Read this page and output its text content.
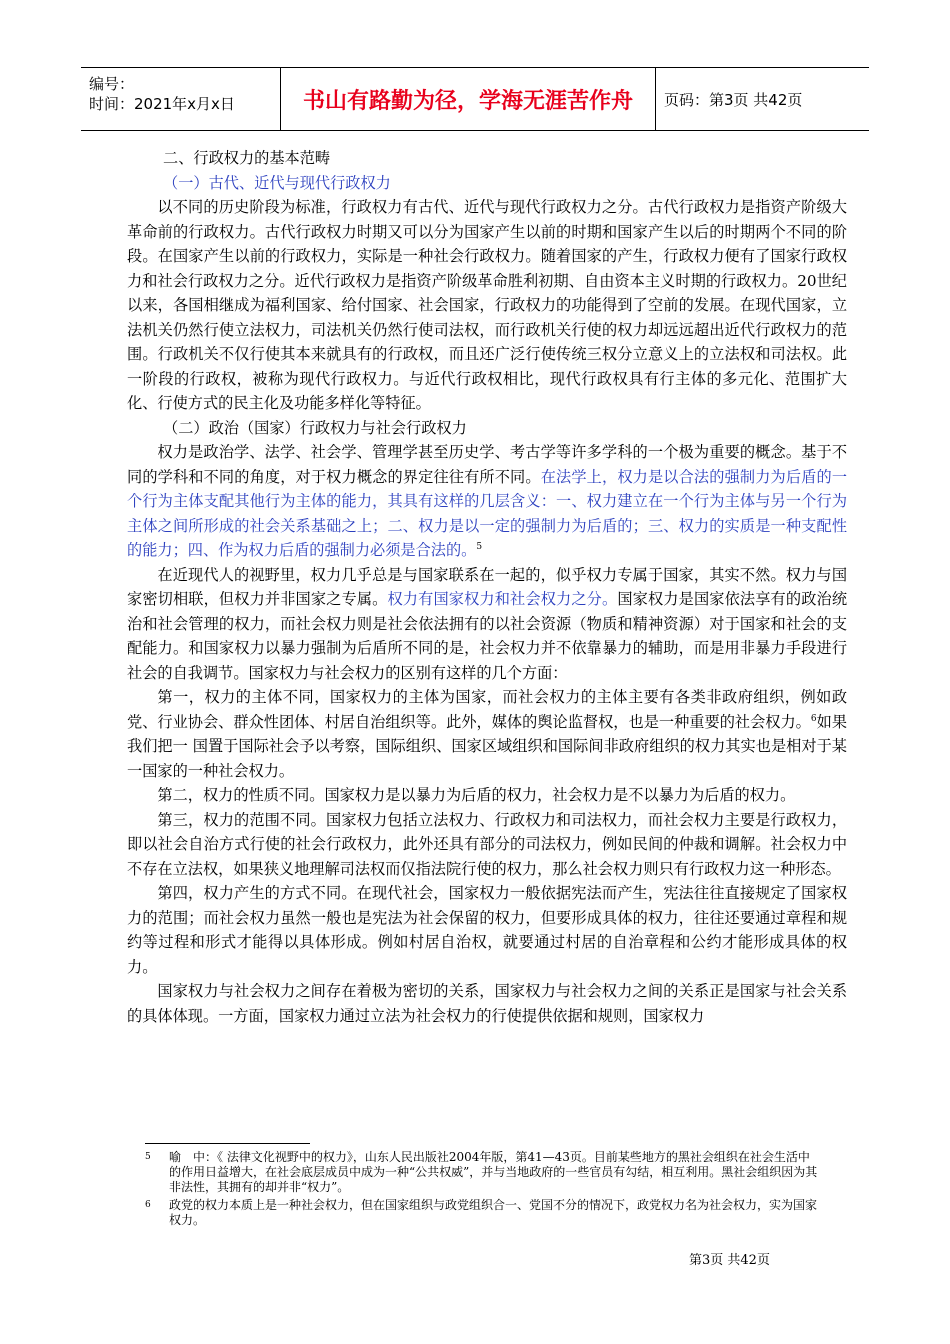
编号：
时间：2021年x月x日	书山有路勤为径，学海无涯苦作舟	页码：第3页 共42页

二、行政权力的基本范畴

（一）古代、近代与现代行政权力

以不同的历史阶段为标准，行政权力有古代、近代与现代行政权力之分。古代行政权力是指资产阶级大革命前的行政权力。古代行政权力时期又可以分为国家产生以前的时期和国家产生以后的时期两个不同的阶段。在国家产生以前的行政权力，实际是一种社会行政权力。随着国家的产生，行政权力便有了国家行政权力和社会行政权力之分。近代行政权力是指资产阶级革命胜利初期、自由资本主义时期的行政权力。20世纪以来，各国相继成为福利国家、给付国家、社会国家，行政权力的功能得到了空前的发展。在现代国家，立法机关仍然行使立法权力，司法机关仍然行使司法权，而行政机关行使的权力却远远超出近代行政权力的范围。行政机关不仅行使其本来就具有的行政权，而且还广泛行使传统三权分立意义上的立法权和司法权。此一阶段的行政权，被称为现代行政权力。与近代行政权相比，现代行政权具有行主体的多元化、范围扩大化、行使方式的民主化及功能多样化等特征。

（二）政治（国家）行政权力与社会行政权力

权力是政治学、法学、社会学、管理学甚至历史学、考古学等许多学科的一个极为重要的概念。基于不同的学科和不同的角度，对于权力概念的界定往往有所不同。在法学上，权力是以合法的强制力为后盾的一个行为主体支配其他行为主体的能力，其具有这样的几层含义：一、权力建立在一个行为主体与另一个行为主体之间所形成的社会关系基础之上；二、权力是以一定的强制力为后盾的；三、权力的实质是一种支配性的能力；四、作为权力后盾的强制力必须是合法的。$^5$

在近现代人的视野里，权力几乎总是与国家联系在一起的，似乎权力专属于国家，其实不然。权力与国家密切相联，但权力并非国家之专属。权力有国家权力和社会权力之分。国家权力是国家依法享有的政治统治和社会管理的权力，而社会权力则是社会依法拥有的以社会资源（物质和精神资源）对于国家和社会的支配能力。和国家权力以暴力强制为后盾所不同的是，社会权力并不依靠暴力的辅助，而是用非暴力手段进行社会的自我调节。国家权力与社会权力的区别有这样的几个方面：

第一，权力的主体不同，国家权力的主体为国家，而社会权力的主体主要有各类非政府组织，例如政党、行业协会、群众性团体、村居自治组织等。此外，媒体的舆论监督权，也是一种重要的社会权力。$^6$如果我们把一 国置于国际社会予以考察，国际组织、国家区域组织和国际间非政府组织的权力其实也是相对于某一国家的一种社会权力。

第二，权力的性质不同。国家权力是以暴力为后盾的权力，社会权力是不以暴力为后盾的权力。

第三，权力的范围不同。国家权力包括立法权力、行政权力和司法权力，而社会权力主要是行政权力，即以社会自治方式行使的社会行政权力，此外还具有部分的司法权力，例如民间的仲裁和调解。社会权力中不存在立法权，如果狭义地理解司法权而仅指法院行使的权力，那么社会权力则只有行政权力这一种形态。

第四，权力产生的方式不同。在现代社会，国家权力一般依据宪法而产生，宪法往往直接规定了国家权力的范围；而社会权力虽然一般也是宪法为社会保留的权力，但要形成具体的权力，往往还要通过章程和规约等过程和形式才能得以具体形成。例如村居自治权，就要通过村居的自治章程和公约才能形成具体的权力。

国家权力与社会权力之间存在着极为密切的关系，国家权力与社会权力之间的关系正是国家与社会关系的具体体现。一方面，国家权力通过立法为社会权力的行使提供依据和规则，国家权力

5 喻　中：《 法律文化视野中的权力》，山东人民出版社2004年版，第41—43页。目前某些地方的黑社会组织在社会生活中的作用日益增大，在社会底层成员中成为一种“公共权威”，并与当地政府的一些官员有勾结，相互利用。黑社会组织因为其非法性，其拥有的却并非“权力”。
6 政党的权力本质上是一种社会权力，但在国家组织与政党组织合一、党国不分的情况下，政党权力名为社会权力，实为国家权力。
第3页 共42页
